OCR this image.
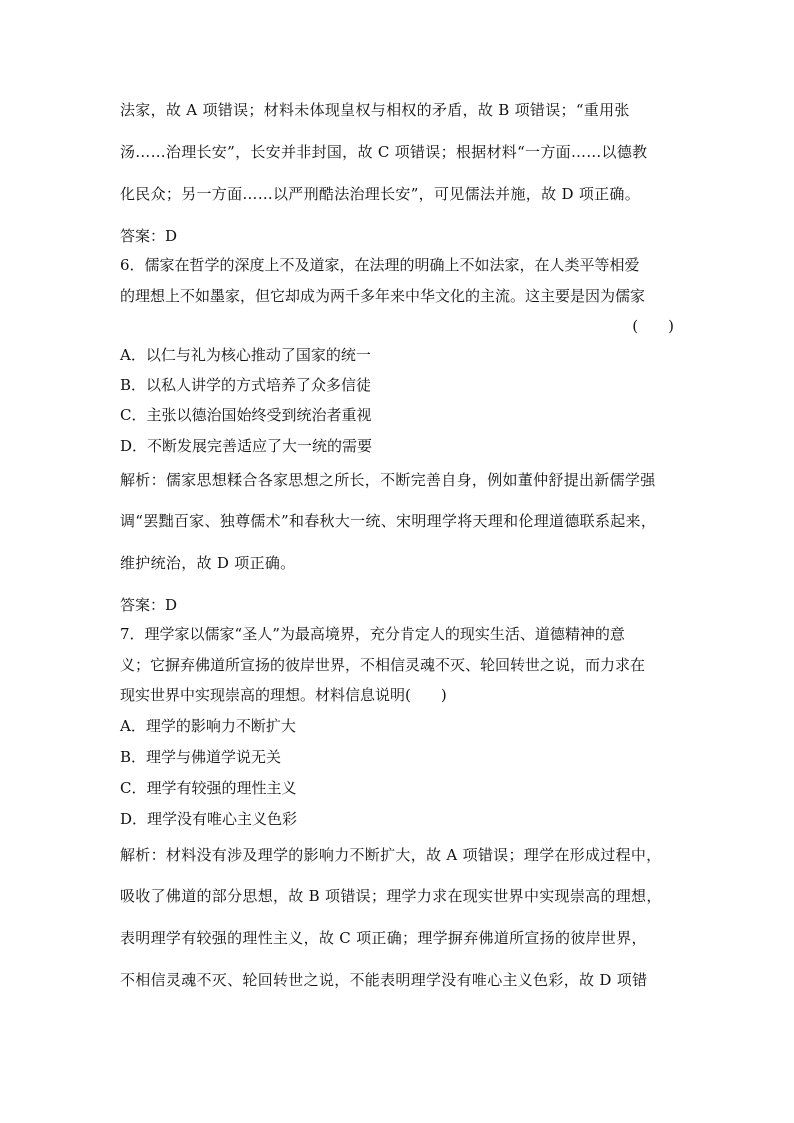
法家，故 A 项错误；材料未体现皇权与相权的矛盾，故 B 项错误；“重用张
汤……治理长安”，长安并非封国，故 C 项错误；根据材料“一方面……以德教
化民众；另一方面……以严刑酷法治理长安”，可见儒法并施，故 D 项正确。
答案：D
6．儒家在哲学的深度上不及道家，在法理的明确上不如法家，在人类平等相爱
的理想上不如墨家，但它却成为两千多年来中华文化的主流。这主要是因为儒家
(　　)
A．以仁与礼为核心推动了国家的统一
B．以私人讲学的方式培养了众多信徒
C．主张以德治国始终受到统治者重视
D．不断发展完善适应了大一统的需要
解析：儒家思想糅合各家思想之所长，不断完善自身，例如董仲舒提出新儒学强
调“罢黜百家、独尊儒术”和春秋大一统、宋明理学将天理和伦理道德联系起来，
维护统治，故 D 项正确。
答案：D
7．理学家以儒家“圣人”为最高境界，充分肯定人的现实生活、道德精神的意
义；它摒弃佛道所宣扬的彼岸世界，不相信灵魂不灭、轮回转世之说，而力求在
现实世界中实现崇高的理想。材料信息说明(　　)
A．理学的影响力不断扩大
B．理学与佛道学说无关
C．理学有较强的理性主义
D．理学没有唯心主义色彩
解析：材料没有涉及理学的影响力不断扩大，故 A 项错误；理学在形成过程中，
吸收了佛道的部分思想，故 B 项错误；理学力求在现实世界中实现崇高的理想，
表明理学有较强的理性主义，故 C 项正确；理学摒弃佛道所宣扬的彼岸世界，
不相信灵魂不灭、轮回转世之说，不能表明理学没有唯心主义色彩，故 D 项错
